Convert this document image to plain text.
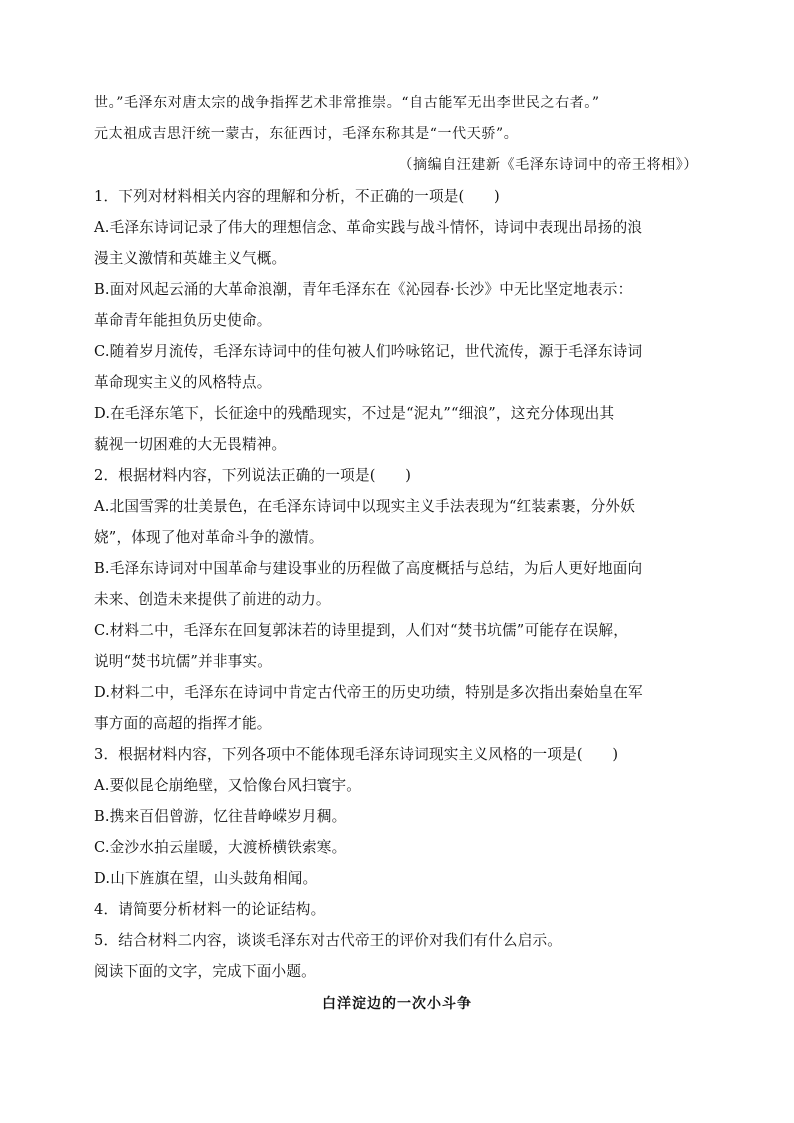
世。”毛泽东对唐太宗的战争指挥艺术非常推崇。“自古能军无出李世民之右者。”
元太祖成吉思汗统一蒙古，东征西讨，毛泽东称其是“一代天骄”。
（摘编自汪建新《毛泽东诗词中的帝王将相》）
1．下列对材料相关内容的理解和分析，不正确的一项是(　　)
A.毛泽东诗词记录了伟大的理想信念、革命实践与战斗情怀，诗词中表现出昂扬的浪
漫主义激情和英雄主义气概。
B.面对风起云涌的大革命浪潮，青年毛泽东在《沁园春·长沙》中无比坚定地表示：
革命青年能担负历史使命。
C.随着岁月流传，毛泽东诗词中的佳句被人们吟咏铭记，世代流传，源于毛泽东诗词
革命现实主义的风格特点。
D.在毛泽东笔下，长征途中的残酷现实，不过是“泥丸”“细浪”，这充分体现出其
藐视一切困难的大无畏精神。
2．根据材料内容，下列说法正确的一项是(　　)
A.北国雪霁的壮美景色，在毛泽东诗词中以现实主义手法表现为“红装素裹，分外妖
娆”，体现了他对革命斗争的激情。
B.毛泽东诗词对中国革命与建设事业的历程做了高度概括与总结，为后人更好地面向
未来、创造未来提供了前进的动力。
C.材料二中，毛泽东在回复郭沫若的诗里提到，人们对“焚书坑儒”可能存在误解，
说明“焚书坑儒”并非事实。
D.材料二中，毛泽东在诗词中肯定古代帝王的历史功绩，特别是多次指出秦始皇在军
事方面的高超的指挥才能。
3．根据材料内容，下列各项中不能体现毛泽东诗词现实主义风格的一项是(　　)
A.要似昆仑崩绝壁，又恰像台风扫寰宇。
B.携来百侣曾游，忆往昔峥嵘岁月稠。
C.金沙水拍云崖暖，大渡桥横铁索寒。
D.山下旌旗在望，山头鼓角相闻。
4．请简要分析材料一的论证结构。
5．结合材料二内容，谈谈毛泽东对古代帝王的评价对我们有什么启示。
阅读下面的文字，完成下面小题。
白洋淀边的一次小斗争
